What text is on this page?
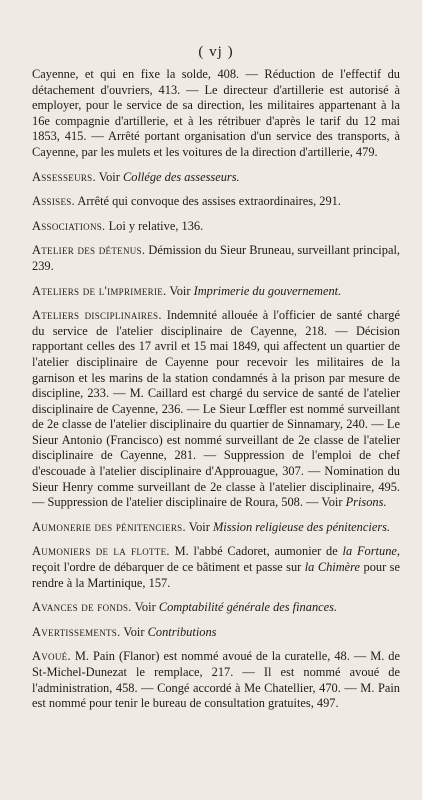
( vj )

Cayenne, et qui en fixe la solde, 408. — Réduction de l'effectif du détachement d'ouvriers, 413. — Le directeur d'artillerie est autorisé à employer, pour le service de sa direction, les militaires appartenant à la 16e compagnie d'artillerie, et à les rétribuer d'après le tarif du 12 mai 1853, 415. — Arrêté portant organisation d'un service des transports, à Cayenne, par les mulets et les voitures de la direction d'artillerie, 479.

Assesseurs. Voir Collége des assesseurs.

Assises. Arrêté qui convoque des assises extraordinaires, 291.

Associations. Loi y relative, 136.

Atelier des détenus. Démission du Sieur Bruneau, surveillant principal, 239.

Ateliers de l'imprimerie. Voir Imprimerie du gouvernement.

Ateliers disciplinaires. Indemnité allouée à l'officier de santé chargé du service de l'atelier disciplinaire de Cayenne, 218. — Décision rapportant celles des 17 avril et 15 mai 1849, qui affectent un quartier de l'atelier disciplinaire de Cayenne pour recevoir les militaires de la garnison et les marins de la station condamnés à la prison par mesure de discipline, 233. — M. Caillard est chargé du service de santé de l'atelier disciplinaire de Cayenne, 236. — Le Sieur Lœffler est nommé surveillant de 2e classe de l'atelier disciplinaire du quartier de Sinnamary, 240. — Le Sieur Antonio (Francisco) est nommé surveillant de 2e classe de l'atelier disciplinaire de Cayenne, 281. — Suppression de l'emploi de chef d'escouade à l'atelier disciplinaire d'Approuague, 307. — Nomination du Sieur Henry comme surveillant de 2e classe à l'atelier disciplinaire, 495. — Suppression de l'atelier disciplinaire de Roura, 508. — Voir Prisons.

Aumonerie des pénitenciers. Voir Mission religieuse des pénitenciers.

Aumoniers de la flotte. M. l'abbé Cadoret, aumonier de la Fortune, reçoit l'ordre de débarquer de ce bâtiment et passe sur la Chimère pour se rendre à la Martinique, 157.

Avances de fonds. Voir Comptabilité générale des finances.

Avertissements. Voir Contributions

Avoué. M. Pain (Flanor) est nommé avoué de la curatelle, 48. — M. de St-Michel-Dunezat le remplace, 217. — Il est nommé avoué de l'administration, 458. — Congé accordé à Me Chatellier, 470. — M. Pain est nommé pour tenir le bureau de consultation gratuites, 497.
